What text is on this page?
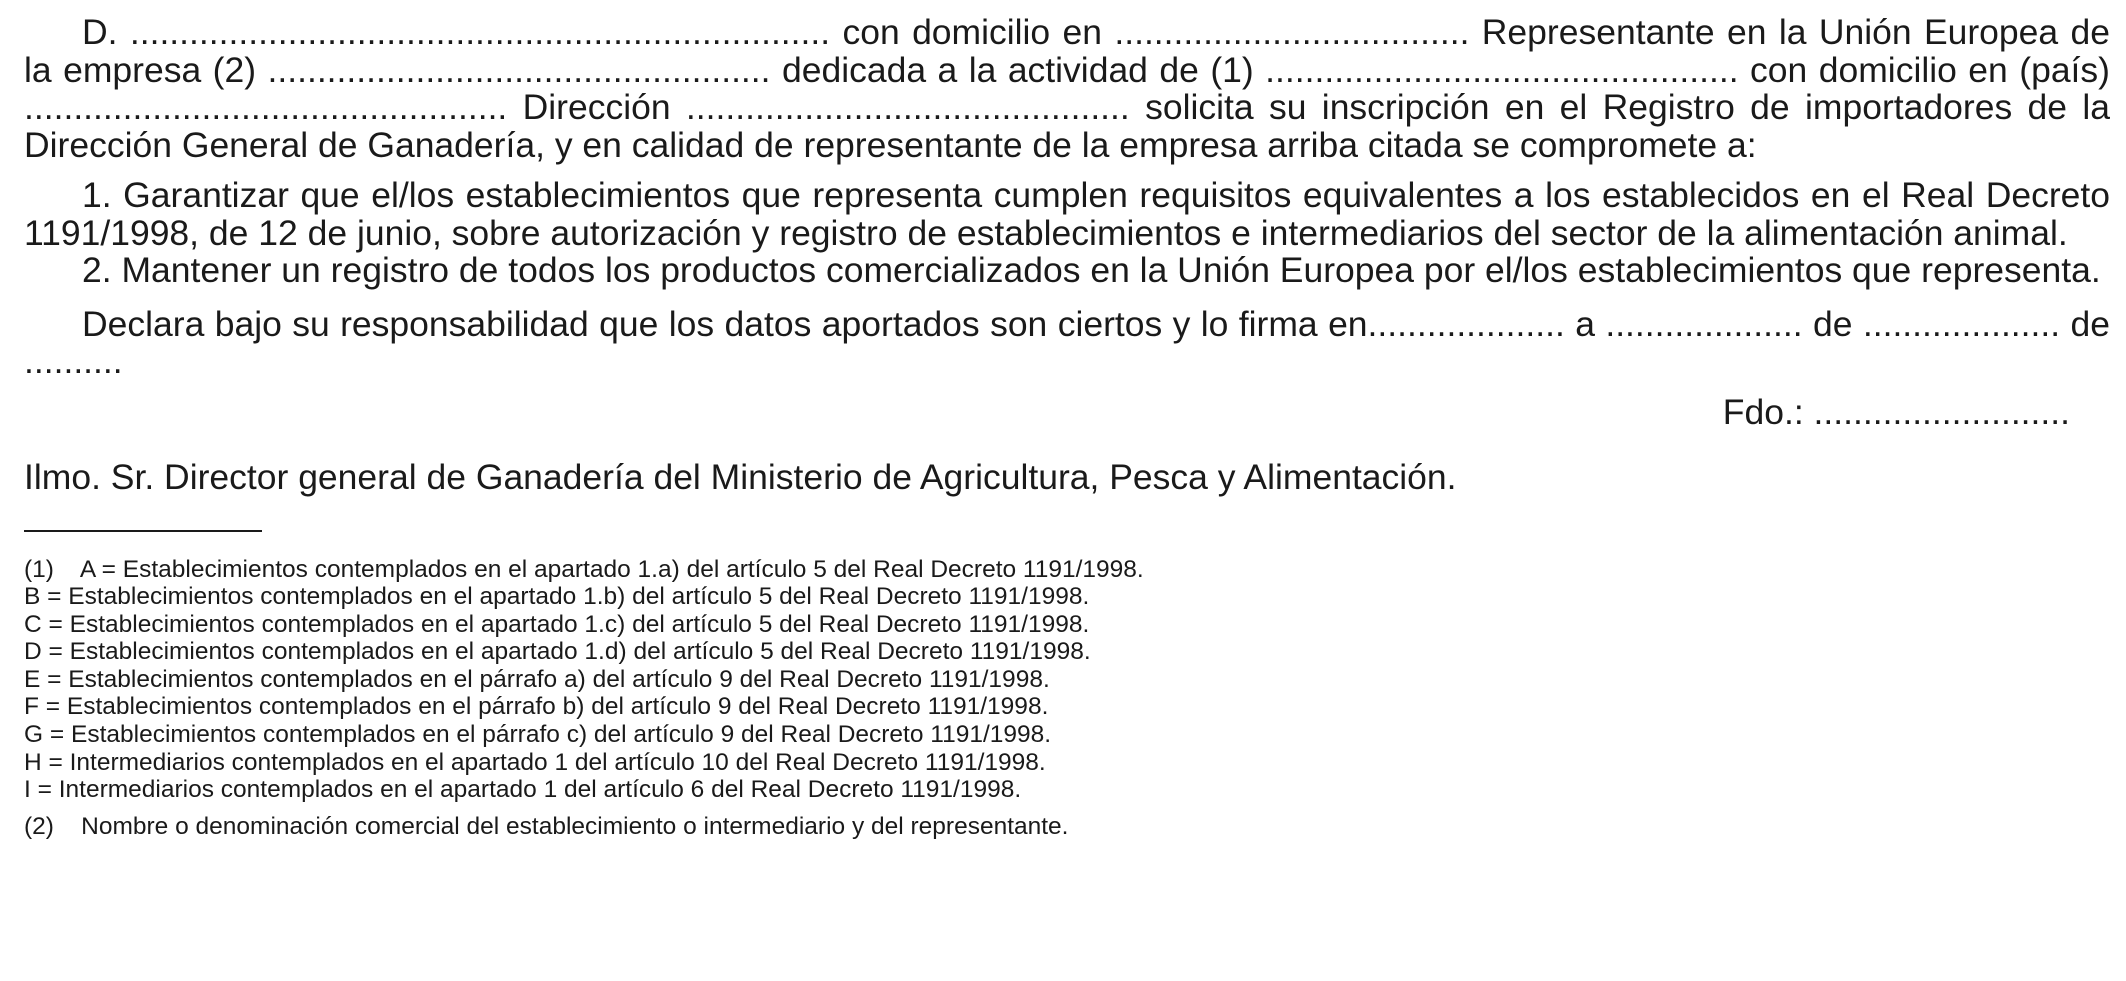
D. ....................................................................... con domicilio en .................................... Representante en la Unión Europea de la empresa (2) ................................................... dedicada a la actividad de (1) ................................................ con domicilio en (país) ................................................. Dirección ............................................. solicita su inscripción en el Registro de importadores de la Dirección General de Ganadería, y en calidad de representante de la empresa arriba citada se compromete a:

1. Garantizar que el/los establecimientos que representa cumplen requisitos equivalentes a los establecidos en el Real Decreto 1191/1998, de 12 de junio, sobre autorización y registro de establecimientos e intermediarios del sector de la alimentación animal.

2. Mantener un registro de todos los productos comercializados en la Unión Europea por el/los establecimientos que representa.

Declara bajo su responsabilidad que los datos aportados son ciertos y lo firma en.................... a .................... de .................... de ..........

Fdo.: ..........................
Ilmo. Sr. Director general de Ganadería del Ministerio de Agricultura, Pesca y Alimentación.
(1)    A = Establecimientos contemplados en el apartado 1.a) del artículo 5 del Real Decreto 1191/1998.
B = Establecimientos contemplados en el apartado 1.b) del artículo 5 del Real Decreto 1191/1998.
C = Establecimientos contemplados en el apartado 1.c) del artículo 5 del Real Decreto 1191/1998.
D = Establecimientos contemplados en el apartado 1.d) del artículo 5 del Real Decreto 1191/1998.
E = Establecimientos contemplados en el párrafo a) del artículo 9 del Real Decreto 1191/1998.
F = Establecimientos contemplados en el párrafo b) del artículo 9 del Real Decreto 1191/1998.
G = Establecimientos contemplados en el párrafo c) del artículo 9 del Real Decreto 1191/1998.
H = Intermediarios contemplados en el apartado 1 del artículo 10 del Real Decreto 1191/1998.
I = Intermediarios contemplados en el apartado 1 del artículo 6 del Real Decreto 1191/1998.
(2)    Nombre o denominación comercial del establecimiento o intermediario y del representante.
